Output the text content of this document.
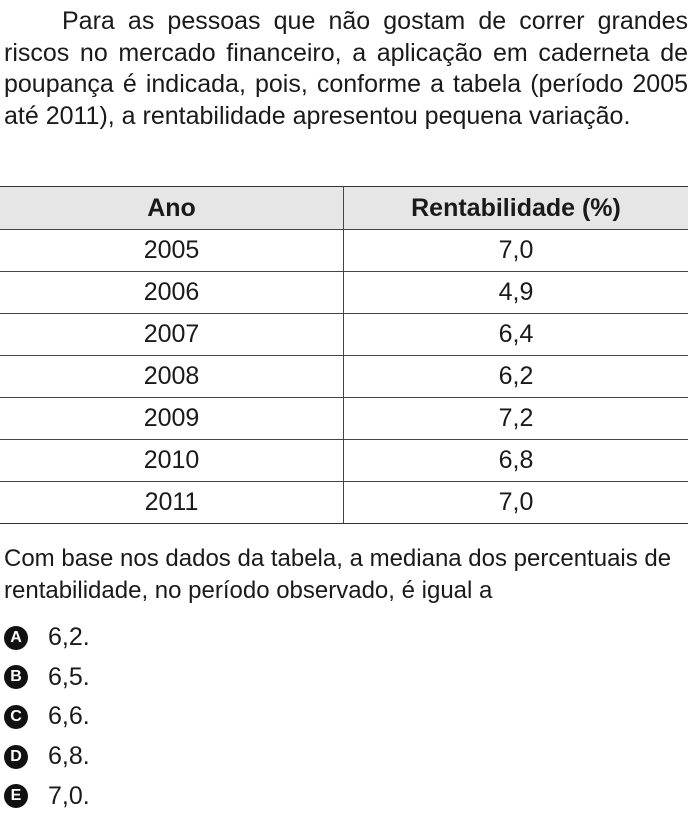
Para as pessoas que não gostam de correr grandes riscos no mercado financeiro, a aplicação em caderneta de poupança é indicada, pois, conforme a tabela (período 2005 até 2011), a rentabilidade apresentou pequena variação.

Ano	Rentabilidade (%)
2005	7,0
2006	4,9
2007	6,4
2008	6,2
2009	7,2
2010	6,8
2011	7,0

Com base nos dados da tabela, a mediana dos percentuais de rentabilidade, no período observado, é igual a

A 6,2.
B 6,5.
C 6,6.
D 6,8.
E 7,0.
